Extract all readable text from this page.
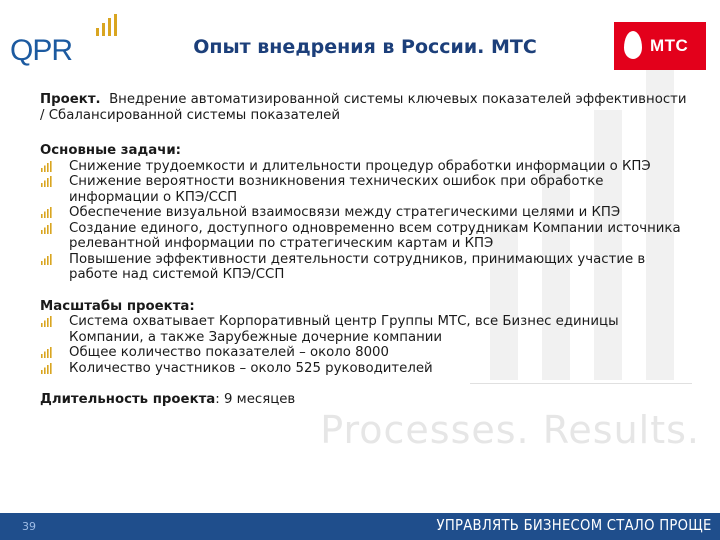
Processes. Results.
QPR	Опыт внедрения в России. МТС	МТС

Проект. Внедрение автоматизированной системы ключевых показателей эффективности / Сбалансированной системы показателей

Основные задачи:

Снижение трудоемкости и длительности процедур обработки информации о КПЭ
Снижение вероятности возникновения технических ошибок при обработке информации о КПЭ/ССП
Обеспечение визуальной взаимосвязи между стратегическими целями и КПЭ
Создание единого, доступного одновременно всем сотрудникам Компании источника релевантной информации по стратегическим картам и КПЭ
Повышение эффективности деятельности сотрудников, принимающих участие в работе над системой КПЭ/ССП

Масштабы проекта:

Система охватывает Корпоративный центр Группы МТС, все Бизнес единицы Компании, а также Зарубежные дочерние компании
Общее количество показателей – около 8000
Количество участников – около 525 руководителей

Длительность проекта: 9 месяцев

39	УПРАВЛЯТЬ БИЗНЕСОМ СТАЛО ПРОЩЕ
